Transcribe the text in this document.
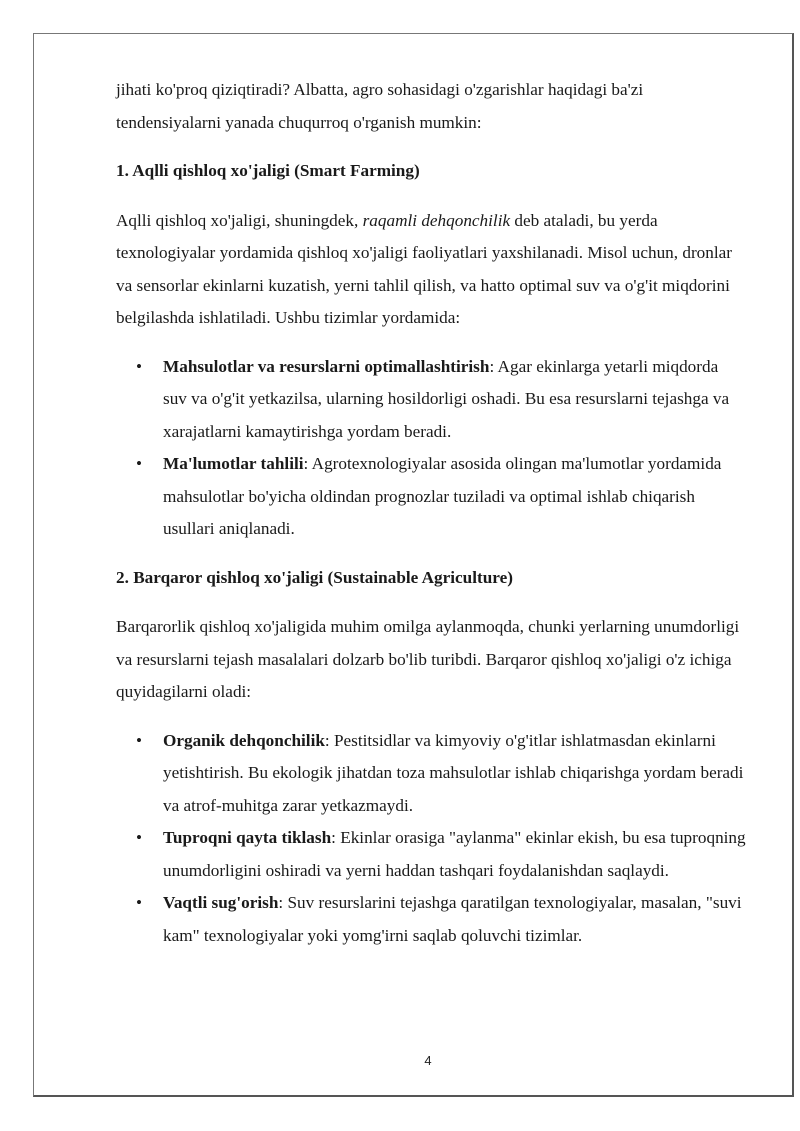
jihati ko'proq qiziqtiradi? Albatta, agro sohasidagi o'zgarishlar haqidagi ba'zi
tendensiyalarni yanada chuqurroq o'rganish mumkin:

1. Aqlli qishloq xo'jaligi (Smart Farming)

Aqlli qishloq xo'jaligi, shuningdek, raqamli dehqonchilik deb ataladi, bu yerda texnologiyalar yordamida qishloq xo'jaligi faoliyatlari yaxshilanadi. Misol uchun, dronlar va sensorlar ekinlarni kuzatish, yerni tahlil qilish, va hatto optimal suv va o'g'it miqdorini belgilashda ishlatiladi. Ushbu tizimlar yordamida:

• Mahsulotlar va resurslarni optimallashtirish: Agar ekinlarga yetarli miqdorda suv va o'g'it yetkazilsa, ularning hosildorligi oshadi. Bu esa resurslarni tejashga va xarajatlarni kamaytirishga yordam beradi.
• Ma'lumotlar tahlili: Agrotexnologiyalar asosida olingan ma'lumotlar yordamida mahsulotlar bo'yicha oldindan prognozlar tuziladi va optimal ishlab chiqarish usullari aniqlanadi.
2. Barqaror qishloq xo'jaligi (Sustainable Agriculture)

Barqarorlik qishloq xo'jaligida muhim omilga aylanmoqda, chunki yerlarning unumdorligi va resurslarni tejash masalalari dolzarb bo'lib turibdi. Barqaror qishloq xo'jaligi o'z ichiga quyidagilarni oladi:

• Organik dehqonchilik: Pestitsidlar va kimyoviy o'g'itlar ishlatmasdan ekinlarni yetishtirish. Bu ekologik jihatdan toza mahsulotlar ishlab chiqarishga yordam beradi va atrof-muhitga zarar yetkazmaydi.
• Tuproqni qayta tiklash: Ekinlar orasiga "aylanma" ekinlar ekish, bu esa tuproqning unumdorligini oshiradi va yerni haddan tashqari foydalanishdan saqlaydi.
• Vaqtli sug'orish: Suv resurslarini tejashga qaratilgan texnologiyalar, masalan, "suvi kam" texnologiyalar yoki yomg'irni saqlab qoluvchi tizimlar.
4
